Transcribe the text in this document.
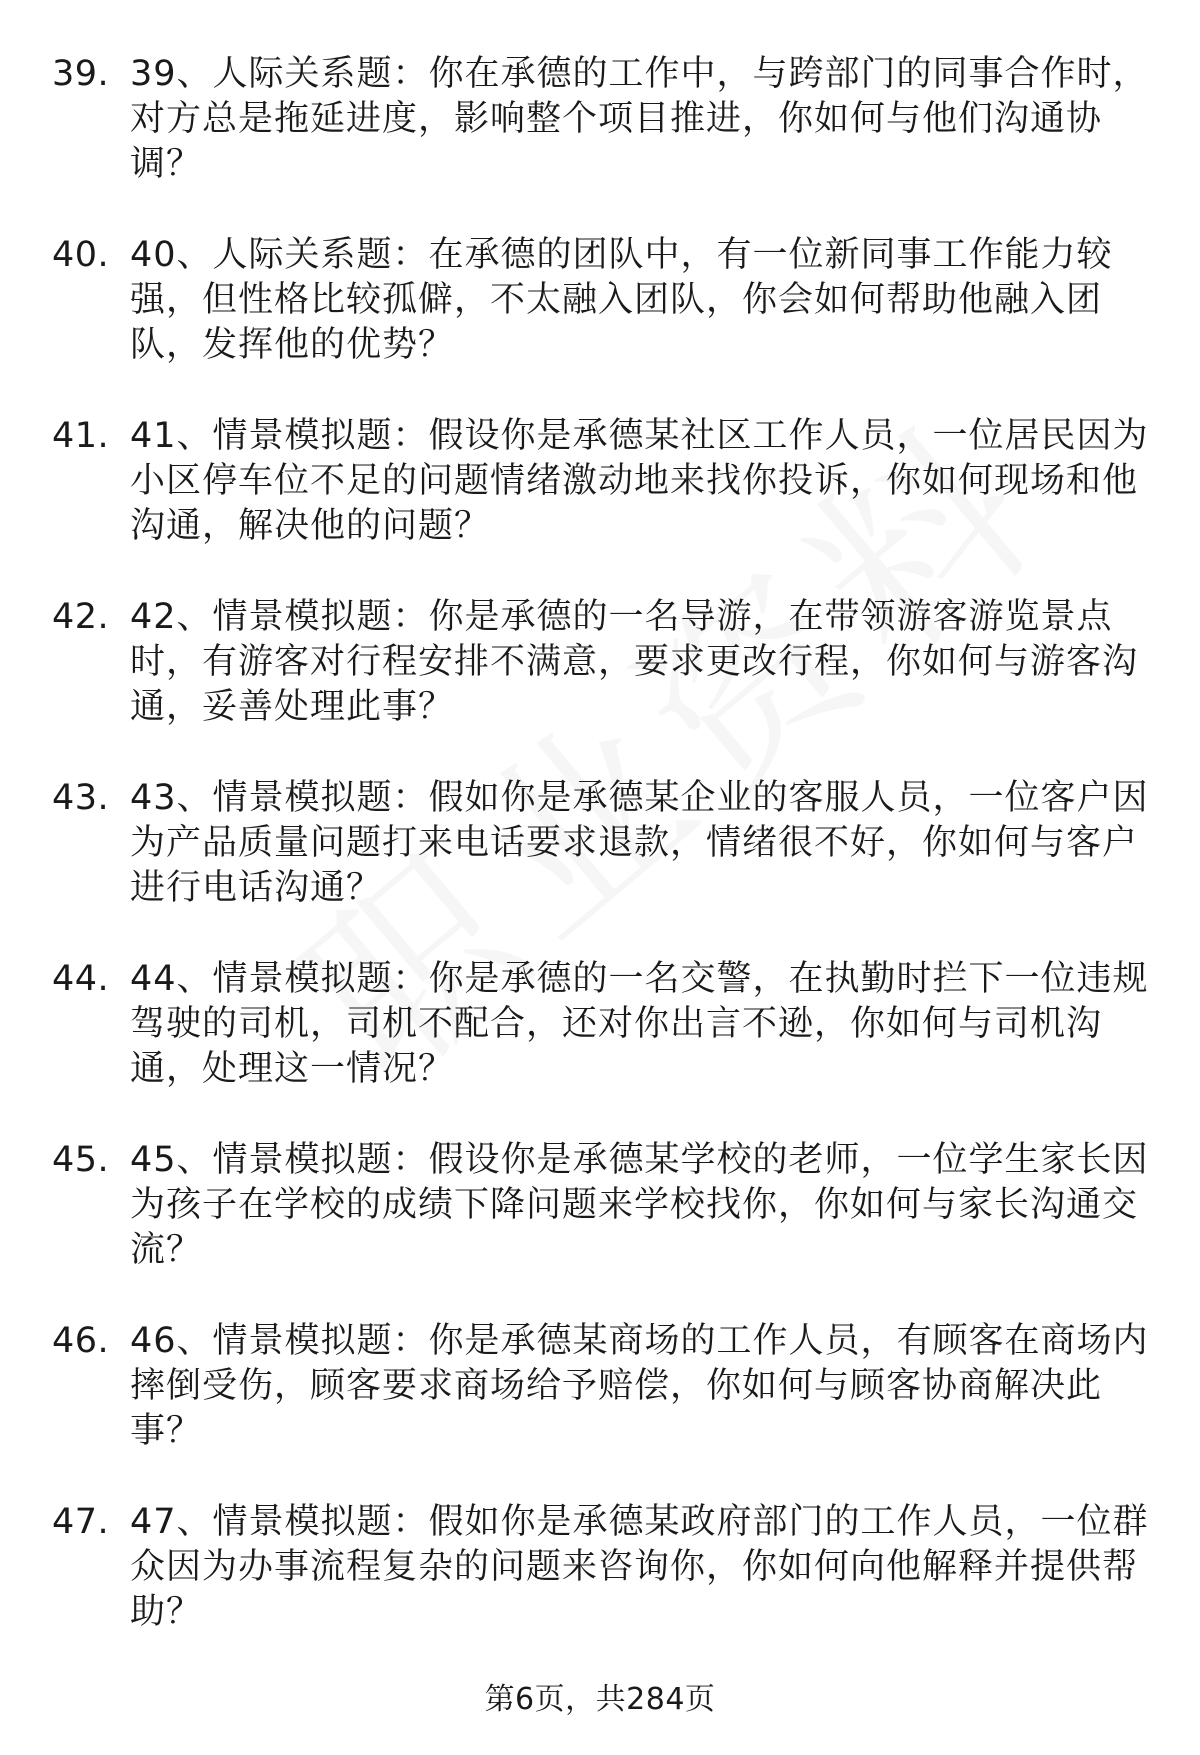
39. 39、人际关系题：你在承德的工作中，与跨部门的同事合作时，对方总是拖延进度，影响整个项目推进，你如何与他们沟通协调？
40. 40、人际关系题：在承德的团队中，有一位新同事工作能力较强，但性格比较孤僻，不太融入团队，你会如何帮助他融入团队，发挥他的优势？
41. 41、情景模拟题：假设你是承德某社区工作人员，一位居民因为小区停车位不足的问题情绪激动地来找你投诉，你如何现场和他沟通，解决他的问题？
42. 42、情景模拟题：你是承德的一名导游，在带领游客游览景点时，有游客对行程安排不满意，要求更改行程，你如何与游客沟通，妥善处理此事？
43. 43、情景模拟题：假如你是承德某企业的客服人员，一位客户因为产品质量问题打来电话要求退款，情绪很不好，你如何与客户进行电话沟通？
44. 44、情景模拟题：你是承德的一名交警，在执勤时拦下一位违规驾驶的司机，司机不配合，还对你出言不逊，你如何与司机沟通，处理这一情况？
45. 45、情景模拟题：假设你是承德某学校的老师，一位学生家长因为孩子在学校的成绩下降问题来学校找你，你如何与家长沟通交流？
46. 46、情景模拟题：你是承德某商场的工作人员，有顾客在商场内摔倒受伤，顾客要求商场给予赔偿，你如何与顾客协商解决此事？
47. 47、情景模拟题：假如你是承德某政府部门的工作人员，一位群众因为办事流程复杂的问题来咨询你，你如何向他解释并提供帮助？
第6页，共284页
